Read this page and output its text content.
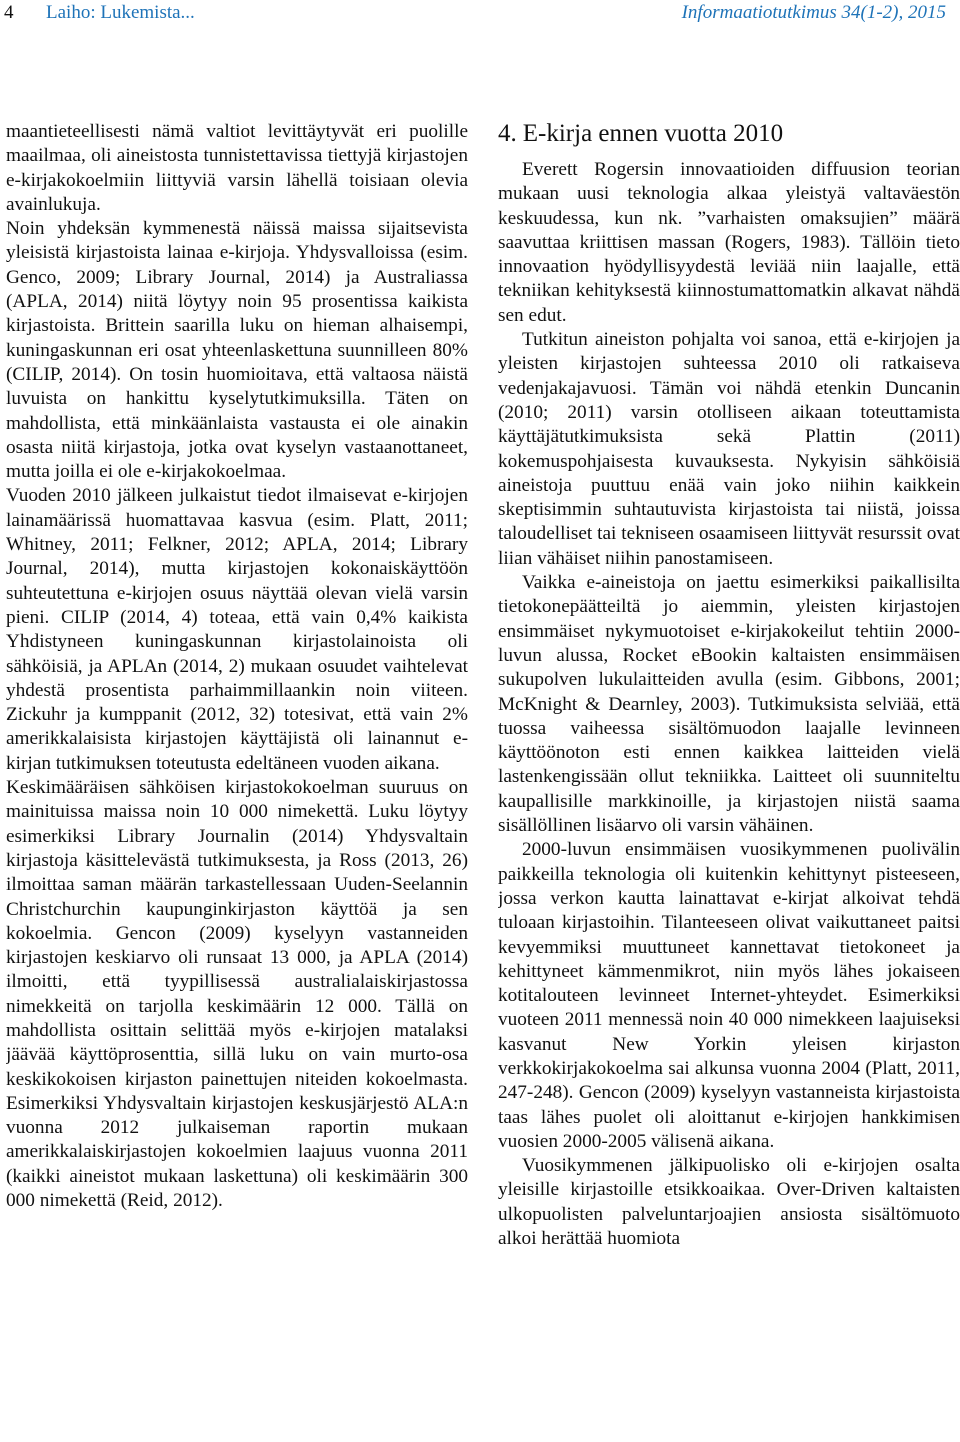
4 Laiho: Lukemista...	Informaatiotutkimus 34(1-2), 2015

maantieteellisesti nämä valtiot levittäytyvät eri puolille maailmaa, oli aineistosta tunnistettavissa tiettyjä kirjastojen e-kirjakokoelmiin liittyviä varsin lähellä toisiaan olevia avainlukuja.

Noin yhdeksän kymmenestä näissä maissa sijaitsevista yleisistä kirjastoista lainaa e-kirjoja. Yhdysvalloissa (esim. Genco, 2009; Library Journal, 2014) ja Australiassa (APLA, 2014) niitä löytyy noin 95 prosentissa kaikista kirjastoista. Brittein saarilla luku on hieman alhaisempi, kuningaskunnan eri osat yhteenlaskettuna suunnilleen 80% (CILIP, 2014). On tosin huomioitava, että valtaosa näistä luvuista on hankittu kyselytutkimuksilla. Täten on mahdollista, että minkäänlaista vastausta ei ole ainakin osasta niitä kirjastoja, jotka ovat kyselyn vastaanottaneet, mutta joilla ei ole e-kirjakokoelmaa.

Vuoden 2010 jälkeen julkaistut tiedot ilmaisevat e-kirjojen lainamäärissä huomattavaa kasvua (esim. Platt, 2011; Whitney, 2011; Felkner, 2012; APLA, 2014; Library Journal, 2014), mutta kirjastojen kokonaiskäyttöön suhteutettuna e-kirjojen osuus näyttää olevan vielä varsin pieni. CILIP (2014, 4) toteaa, että vain 0,4% kaikista Yhdistyneen kuningaskunnan kirjastolainoista oli sähköisiä, ja APLAn (2014, 2) mukaan osuudet vaihtelevat yhdestä prosentista parhaimmillaankin noin viiteen. Zickuhr ja kumppanit (2012, 32) totesivat, että vain 2% amerikkalaisista kirjastojen käyttäjistä oli lainannut e-kirjan tutkimuksen toteutusta edeltäneen vuoden aikana.

Keskimääräisen sähköisen kirjastokokoelman suuruus on mainituissa maissa noin 10 000 nimekettä. Luku löytyy esimerkiksi Library Journalin (2014) Yhdysvaltain kirjastoja käsittelevästä tutkimuksesta, ja Ross (2013, 26) ilmoittaa saman määrän tarkastellessaan Uuden-Seelannin Christchurchin kaupunginkirjaston käyttöä ja sen kokoelmia. Gencon (2009) kyselyyn vastanneiden kirjastojen keskiarvo oli runsaat 13 000, ja APLA (2014) ilmoitti, että tyypillisessä australialaiskirjastossa nimekkeitä on tarjolla keskimäärin 12 000. Tällä on mahdollista osittain selittää myös e-kirjojen matalaksi jäävää käyttöprosenttia, sillä luku on vain murto-osa keskikokoisen kirjaston painettujen niteiden kokoelmasta. Esimerkiksi Yhdysvaltain kirjastojen keskusjärjestö ALA:n vuonna 2012 julkaiseman raportin mukaan amerikkalaiskirjastojen kokoelmien laajuus vuonna 2011 (kaikki aineistot mukaan laskettuna) oli keskimäärin 300 000 nimekettä (Reid, 2012).

4. E-kirja ennen vuotta 2010

Everett Rogersin innovaatioiden diffuusion teorian mukaan uusi teknologia alkaa yleistyä valtaväestön keskuudessa, kun nk. ”varhaisten omaksujien” määrä saavuttaa kriittisen massan (Rogers, 1983). Tällöin tieto innovaation hyödyllisyydestä leviää niin laajalle, että tekniikan kehityksestä kiinnostumattomatkin alkavat nähdä sen edut.

Tutkitun aineiston pohjalta voi sanoa, että e-kirjojen ja yleisten kirjastojen suhteessa 2010 oli ratkaiseva vedenjakajavuosi. Tämän voi nähdä etenkin Duncanin (2010; 2011) varsin otolliseen aikaan toteuttamista käyttäjätutkimuksista sekä Plattin (2011) kokemuspohjaisesta kuvauksesta. Nykyisin sähköisiä aineistoja puuttuu enää vain joko niihin kaikkein skeptisimmin suhtautuvista kirjastoista tai niistä, joissa taloudelliset tai tekniseen osaamiseen liittyvät resurssit ovat liian vähäiset niihin panostamiseen.

Vaikka e-aineistoja on jaettu esimerkiksi paikallisilta tietokonepäätteiltä jo aiemmin, yleisten kirjastojen ensimmäiset nykymuotoiset e-kirjakokeilut tehtiin 2000-luvun alussa, Rocket eBookin kaltaisten ensimmäisen sukupolven lukulaitteiden avulla (esim. Gibbons, 2001; McKnight & Dearnley, 2003). Tutkimuksista selviää, että tuossa vaiheessa sisältömuodon laajalle levinneen käyttöönoton esti ennen kaikkea laitteiden vielä lastenkengissään ollut tekniikka. Laitteet oli suunniteltu kaupallisille markkinoille, ja kirjastojen niistä saama sisällöllinen lisäarvo oli varsin vähäinen.

2000-luvun ensimmäisen vuosikymmenen puolivälin paikkeilla teknologia oli kuitenkin kehittynyt pisteeseen, jossa verkon kautta lainattavat e-kirjat alkoivat tehdä tuloaan kirjastoihin. Tilanteeseen olivat vaikuttaneet paitsi kevyemmiksi muuttuneet kannettavat tietokoneet ja kehittyneet kämmenmikrot, niin myös lähes jokaiseen kotitalouteen levinneet Internet-yhteydet. Esimerkiksi vuoteen 2011 mennessä noin 40 000 nimekkeen laajuiseksi kasvanut New Yorkin yleisen kirjaston verkkokirjakokoelma sai alkunsa vuonna 2004 (Platt, 2011, 247-248). Gencon (2009) kyselyyn vastanneista kirjastoista taas lähes puolet oli aloittanut e-kirjojen hankkimisen vuosien 2000-2005 välisenä aikana.

Vuosikymmenen jälkipuolisko oli e-kirjojen osalta yleisille kirjastoille etsikkoaikaa. Over-Driven kaltaisten ulkopuolisten palveluntarjoajien ansiosta sisältömuoto alkoi herättää huomiota
